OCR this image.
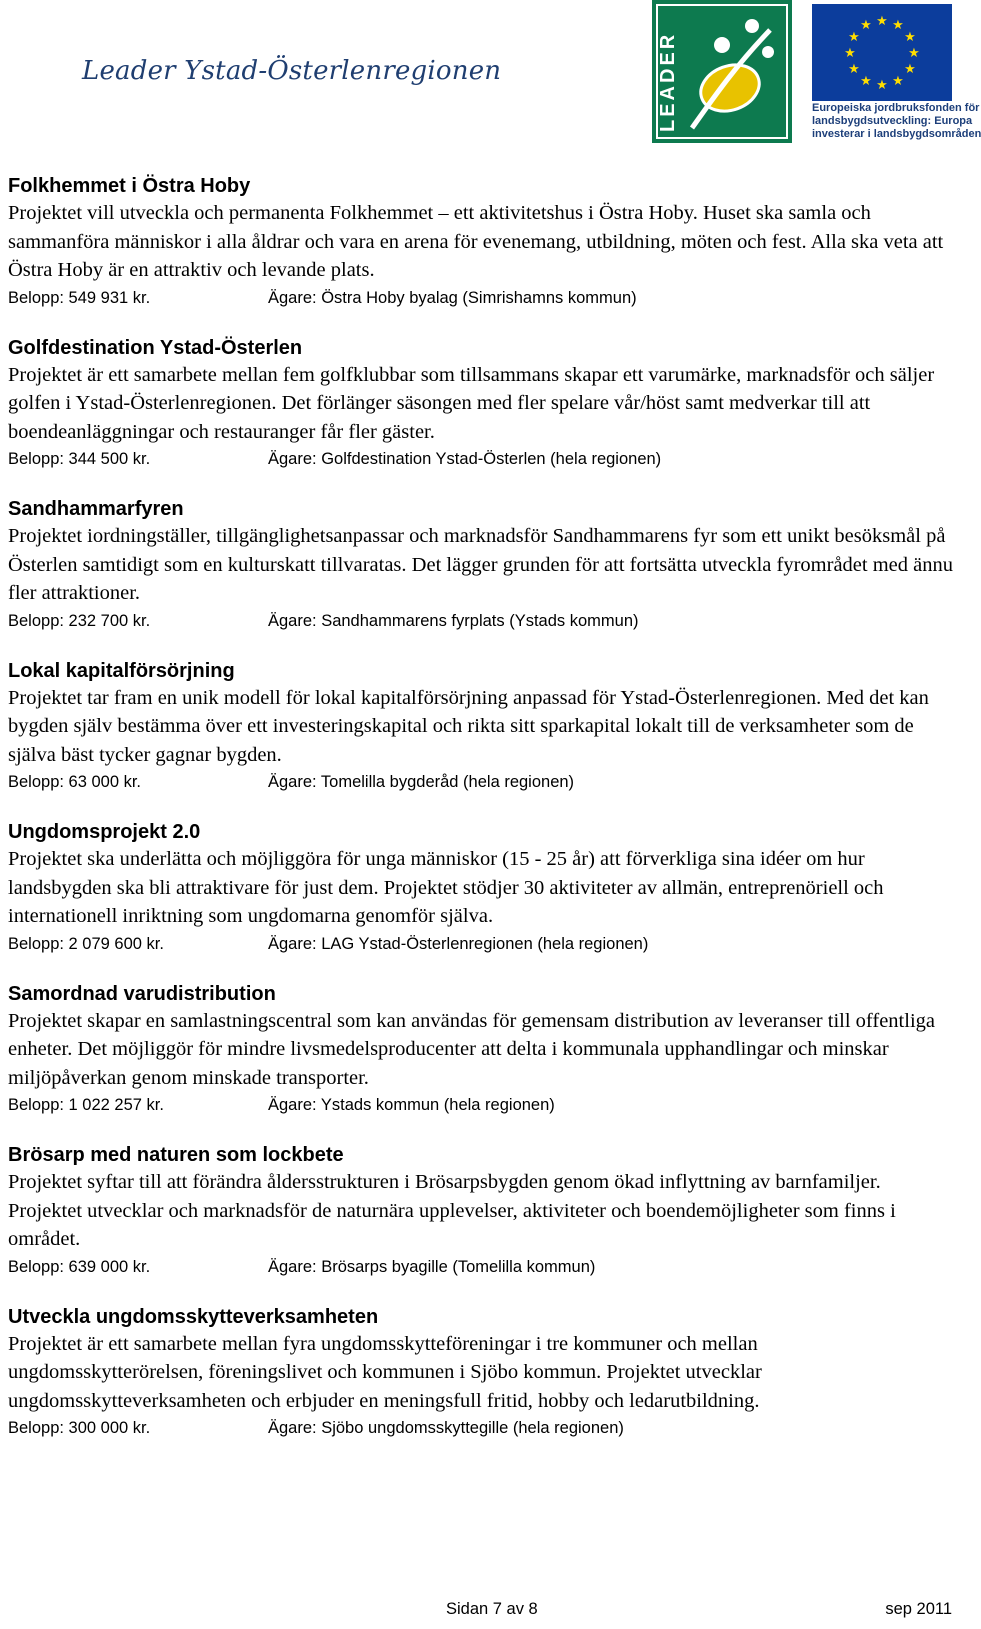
Leader Ystad-Österlenregionen	LEADER
★ ★
★
★
★
★
★
★
★
★
★
★
Europeiska jordbruksfonden för
landsbygdsutveckling: Europa
investerar i landsbygdsområden

Folkhemmet i Östra Hoby

Projektet vill utveckla och permanenta Folkhemmet – ett aktivitetshus i Östra Hoby. Huset ska samla och sammanföra människor i alla åldrar och vara en arena för evenemang, utbildning, möten och fest. Alla ska veta att Östra Hoby är en attraktiv och levande plats.

Belopp: 549 931 kr.	Ägare: Östra Hoby byalag (Simrishamns kommun)

Golfdestination Ystad-Österlen

Projektet är ett samarbete mellan fem golfklubbar som tillsammans skapar ett varumärke, marknadsför och säljer golfen i Ystad-Österlenregionen. Det förlänger säsongen med fler spelare vår/höst samt medverkar till att boendeanläggningar och restauranger får fler gäster.

Belopp: 344 500 kr.	Ägare: Golfdestination Ystad-Österlen (hela regionen)

Sandhammarfyren

Projektet iordningställer, tillgänglighetsanpassar och marknadsför Sandhammarens fyr som ett unikt besöksmål på Österlen samtidigt som en kulturskatt tillvaratas. Det lägger grunden för att fortsätta utveckla fyrområdet med ännu fler attraktioner.

Belopp: 232 700 kr.	Ägare: Sandhammarens fyrplats (Ystads kommun)

Lokal kapitalförsörjning

Projektet tar fram en unik modell för lokal kapitalförsörjning anpassad för Ystad-Österlenregionen. Med det kan bygden själv bestämma över ett investeringskapital och rikta sitt sparkapital lokalt till de verksamheter som de själva bäst tycker gagnar bygden.

Belopp: 63 000 kr.	Ägare: Tomelilla bygderåd (hela regionen)

Ungdomsprojekt 2.0

Projektet ska underlätta och möjliggöra för unga människor (15 - 25 år) att förverkliga sina idéer om hur landsbygden ska bli attraktivare för just dem. Projektet stödjer 30 aktiviteter av allmän, entreprenöriell och internationell inriktning som ungdomarna genomför själva.

Belopp: 2 079 600 kr.	Ägare: LAG Ystad-Österlenregionen (hela regionen)

Samordnad varudistribution

Projektet skapar en samlastningscentral som kan användas för gemensam distribution av leveranser till offentliga enheter. Det möjliggör för mindre livsmedelsproducenter att delta i kommunala upphandlingar och minskar miljöpåverkan genom minskade transporter.

Belopp: 1 022 257 kr.	Ägare: Ystads kommun (hela regionen)

Brösarp med naturen som lockbete

Projektet syftar till att förändra åldersstrukturen i Brösarpsbygden genom ökad inflyttning av barnfamiljer. Projektet utvecklar och marknadsför de naturnära upplevelser, aktiviteter och boendemöjligheter som finns i området.

Belopp: 639 000 kr.	Ägare: Brösarps byagille (Tomelilla kommun)

Utveckla ungdomsskytteverksamheten

Projektet är ett samarbete mellan fyra ungdomsskytteföreningar i tre kommuner och mellan ungdomsskytterörelsen, föreningslivet och kommunen i Sjöbo kommun. Projektet utvecklar ungdomsskytteverksamheten och erbjuder en meningsfull fritid, hobby och ledarutbildning.

Belopp: 300 000 kr.	Ägare: Sjöbo ungdomsskyttegille (hela regionen)

Sidan 7 av 8	sep 2011
